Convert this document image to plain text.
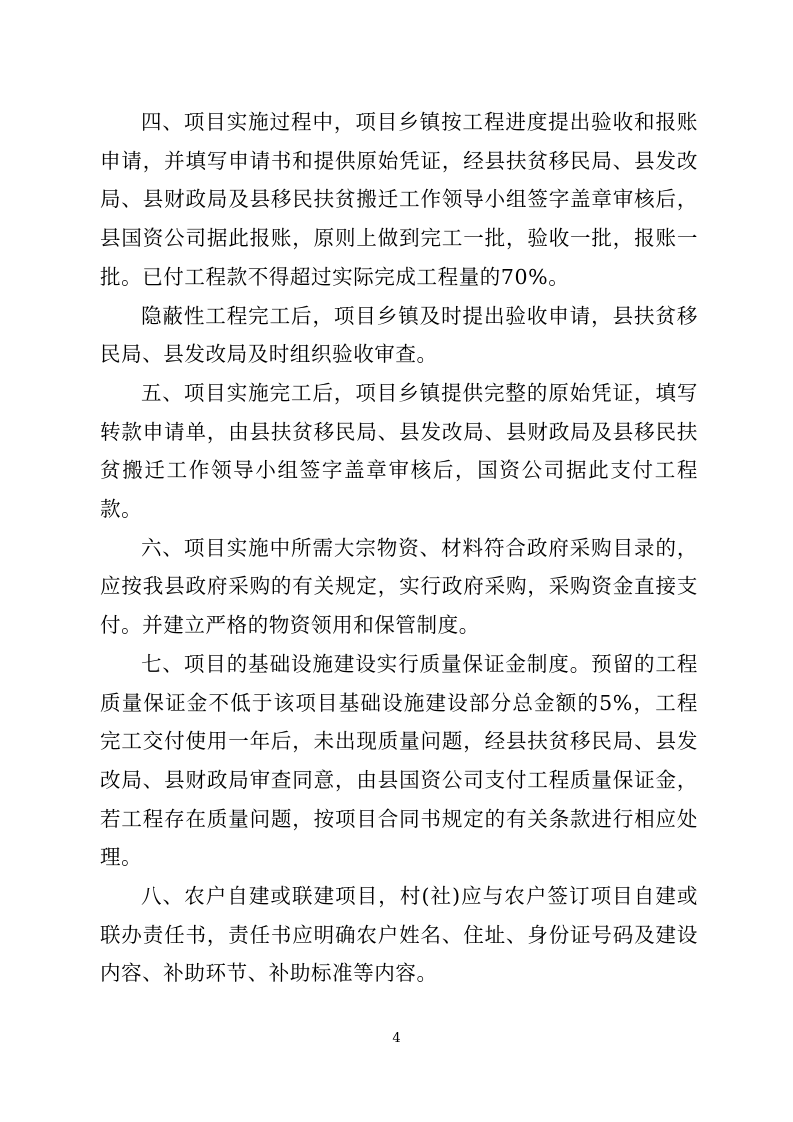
四、项目实施过程中，项目乡镇按工程进度提出验收和报账申请，并填写申请书和提供原始凭证，经县扶贫移民局、县发改局、县财政局及县移民扶贫搬迁工作领导小组签字盖章审核后，县国资公司据此报账，原则上做到完工一批，验收一批，报账一批。已付工程款不得超过实际完成工程量的70%。

隐蔽性工程完工后，项目乡镇及时提出验收申请，县扶贫移民局、县发改局及时组织验收审查。

五、项目实施完工后，项目乡镇提供完整的原始凭证，填写转款申请单，由县扶贫移民局、县发改局、县财政局及县移民扶贫搬迁工作领导小组签字盖章审核后，国资公司据此支付工程款。

六、项目实施中所需大宗物资、材料符合政府采购目录的，应按我县政府采购的有关规定，实行政府采购，采购资金直接支付。并建立严格的物资领用和保管制度。

七、项目的基础设施建设实行质量保证金制度。预留的工程质量保证金不低于该项目基础设施建设部分总金额的5%，工程完工交付使用一年后，未出现质量问题，经县扶贫移民局、县发改局、县财政局审查同意，由县国资公司支付工程质量保证金，若工程存在质量问题，按项目合同书规定的有关条款进行相应处理。

八、农户自建或联建项目，村(社)应与农户签订项目自建或联办责任书，责任书应明确农户姓名、住址、身份证号码及建设内容、补助环节、补助标准等内容。

4
